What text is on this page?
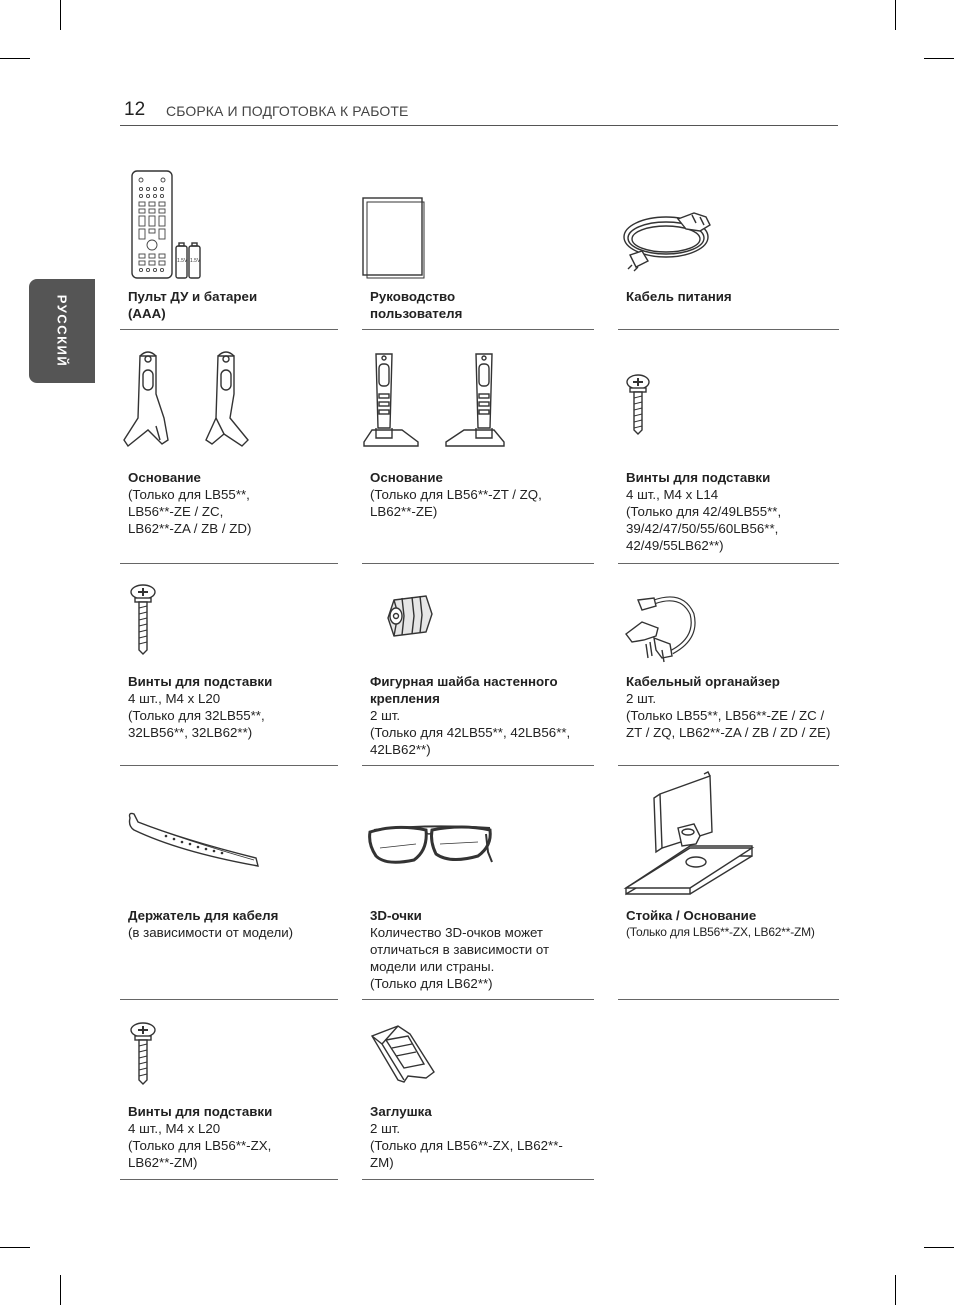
12 СБОРКА И ПОДГОТОВКА К РАБОТЕ
РУССКИЙ
1.5V 1.5V
Пульт ДУ и батареи
(AAA)
Руководство
пользователя
Кабель питания
Основание
(Только для LB55**,
LB56**-ZE / ZC,
LB62**-ZA / ZB / ZD)
Основание
(Только для LB56**-ZT / ZQ,
LB62**-ZE)
Винты для подставки
4 шт., M4 x L14
(Только для 42/49LB55**,
39/42/47/50/55/60LB56**,
42/49/55LB62**)
Винты для подставки
4 шт., M4 x L20
(Только для 32LB55**,
32LB56**, 32LB62**)
Фигурная шайба настенного
крепления
2 шт.
(Только для 42LB55**, 42LB56**,
42LB62**)
Кабельный органайзер
2 шт.
(Только LB55**, LB56**-ZE / ZC /
ZT / ZQ, LB62**-ZA / ZB / ZD / ZE)
Держатель для кабеля
(в зависимости от модели)
3D-очки
Количество 3D-очков может
отличаться в зависимости от
модели или страны.
(Только для LB62**)
Стойка / Основание
(Только для LB56**-ZX, LB62**-ZM)
Винты для подставки
4 шт., M4 x L20
(Только для LB56**-ZX,
LB62**-ZM)
Заглушка
2 шт.
(Только для LB56**-ZX, LB62**-
ZM)
